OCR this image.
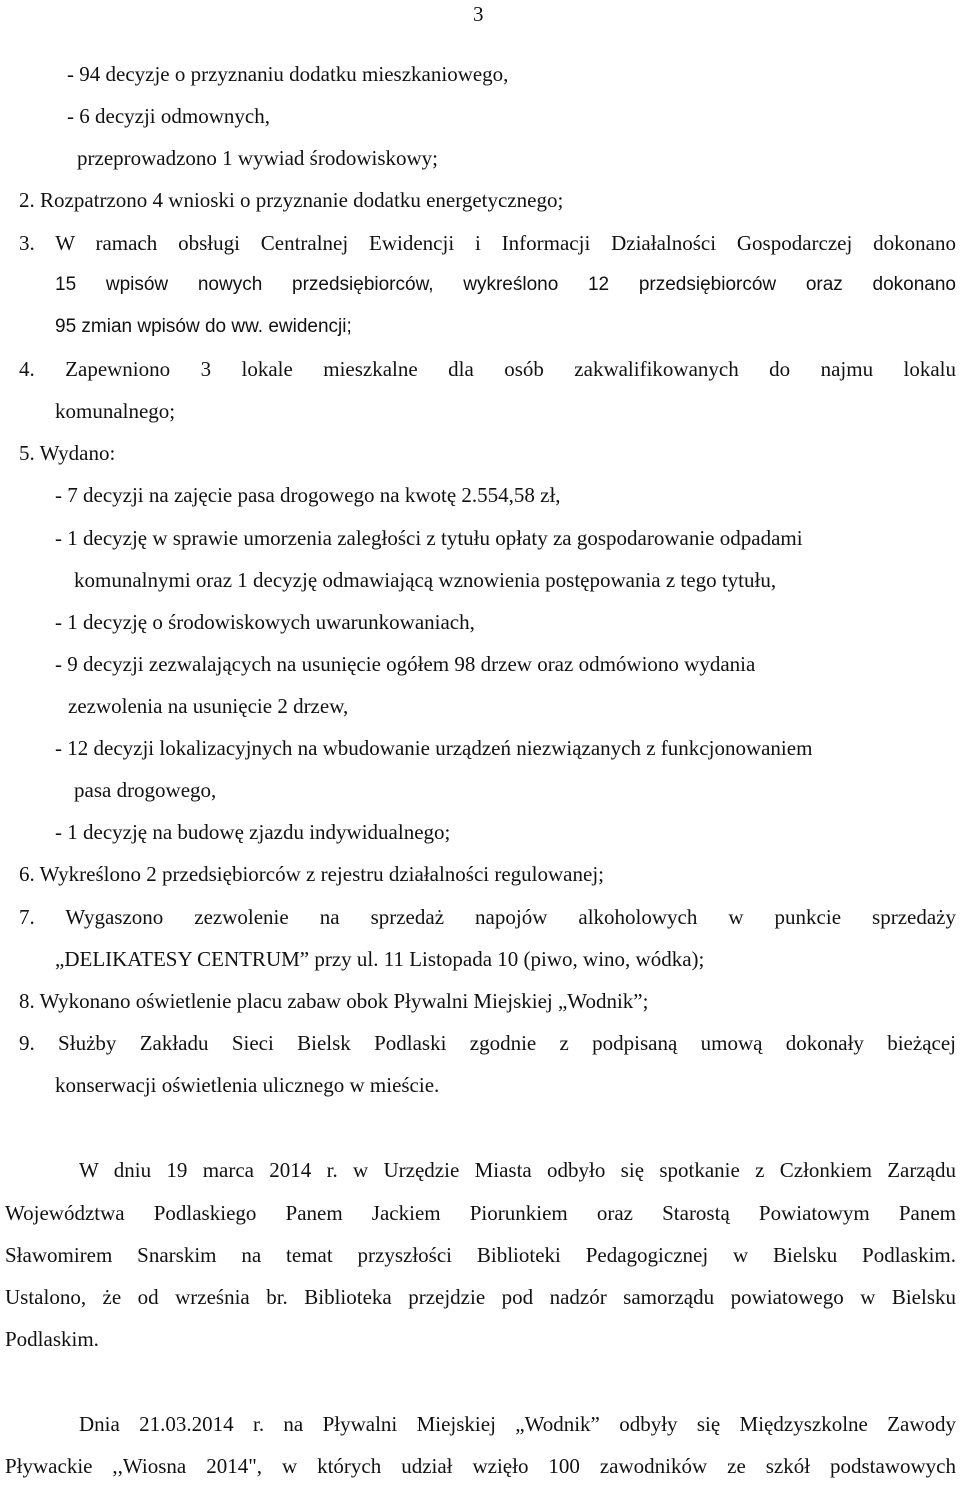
3
- 94 decyzje o przyznaniu dodatku mieszkaniowego,
- 6 decyzji odmownych,
przeprowadzono 1 wywiad środowiskowy;
2. Rozpatrzono 4 wnioski o przyznanie dodatku energetycznego;
3. W ramach obsługi Centralnej Ewidencji i Informacji Działalności Gospodarczej dokonano
15 wpisów nowych przedsiębiorców, wykreślono 12 przedsiębiorców oraz dokonano
95 zmian wpisów do ww. ewidencji;
4. Zapewniono 3 lokale mieszkalne dla osób zakwalifikowanych do najmu lokalu
komunalnego;
5. Wydano:
- 7 decyzji na zajęcie pasa drogowego na kwotę 2.554,58 zł,
- 1 decyzję w sprawie umorzenia zaległości z tytułu opłaty za gospodarowanie odpadami
komunalnymi oraz 1 decyzję odmawiającą wznowienia postępowania z tego tytułu,
- 1 decyzję o środowiskowych uwarunkowaniach,
- 9 decyzji zezwalających na usunięcie ogółem 98 drzew oraz odmówiono wydania
zezwolenia na usunięcie 2 drzew,
- 12 decyzji lokalizacyjnych na wbudowanie urządzeń niezwiązanych z funkcjonowaniem
pasa drogowego,
- 1 decyzję na budowę zjazdu indywidualnego;
6. Wykreślono 2 przedsiębiorców z rejestru działalności regulowanej;
7. Wygaszono zezwolenie na sprzedaż napojów alkoholowych w punkcie sprzedaży
„DELIKATESY CENTRUM” przy ul. 11 Listopada 10 (piwo, wino, wódka);
8. Wykonano oświetlenie placu zabaw obok Pływalni Miejskiej „Wodnik”;
9. Służby Zakładu Sieci Bielsk Podlaski zgodnie z podpisaną umową dokonały bieżącej
konserwacji oświetlenia ulicznego w mieście.
W dniu 19 marca 2014 r. w Urzędzie Miasta odbyło się spotkanie z Członkiem Zarządu
Województwa Podlaskiego Panem Jackiem Piorunkiem oraz Starostą Powiatowym Panem
Sławomirem Snarskim na temat przyszłości Biblioteki Pedagogicznej w Bielsku Podlaskim.
Ustalono, że od września br. Biblioteka przejdzie pod nadzór samorządu powiatowego w Bielsku
Podlaskim.
Dnia 21.03.2014 r. na Pływalni Miejskiej „Wodnik” odbyły się Międzyszkolne Zawody
Pływackie ,,Wiosna 2014", w których udział wzięło 100 zawodników ze szkół podstawowych
